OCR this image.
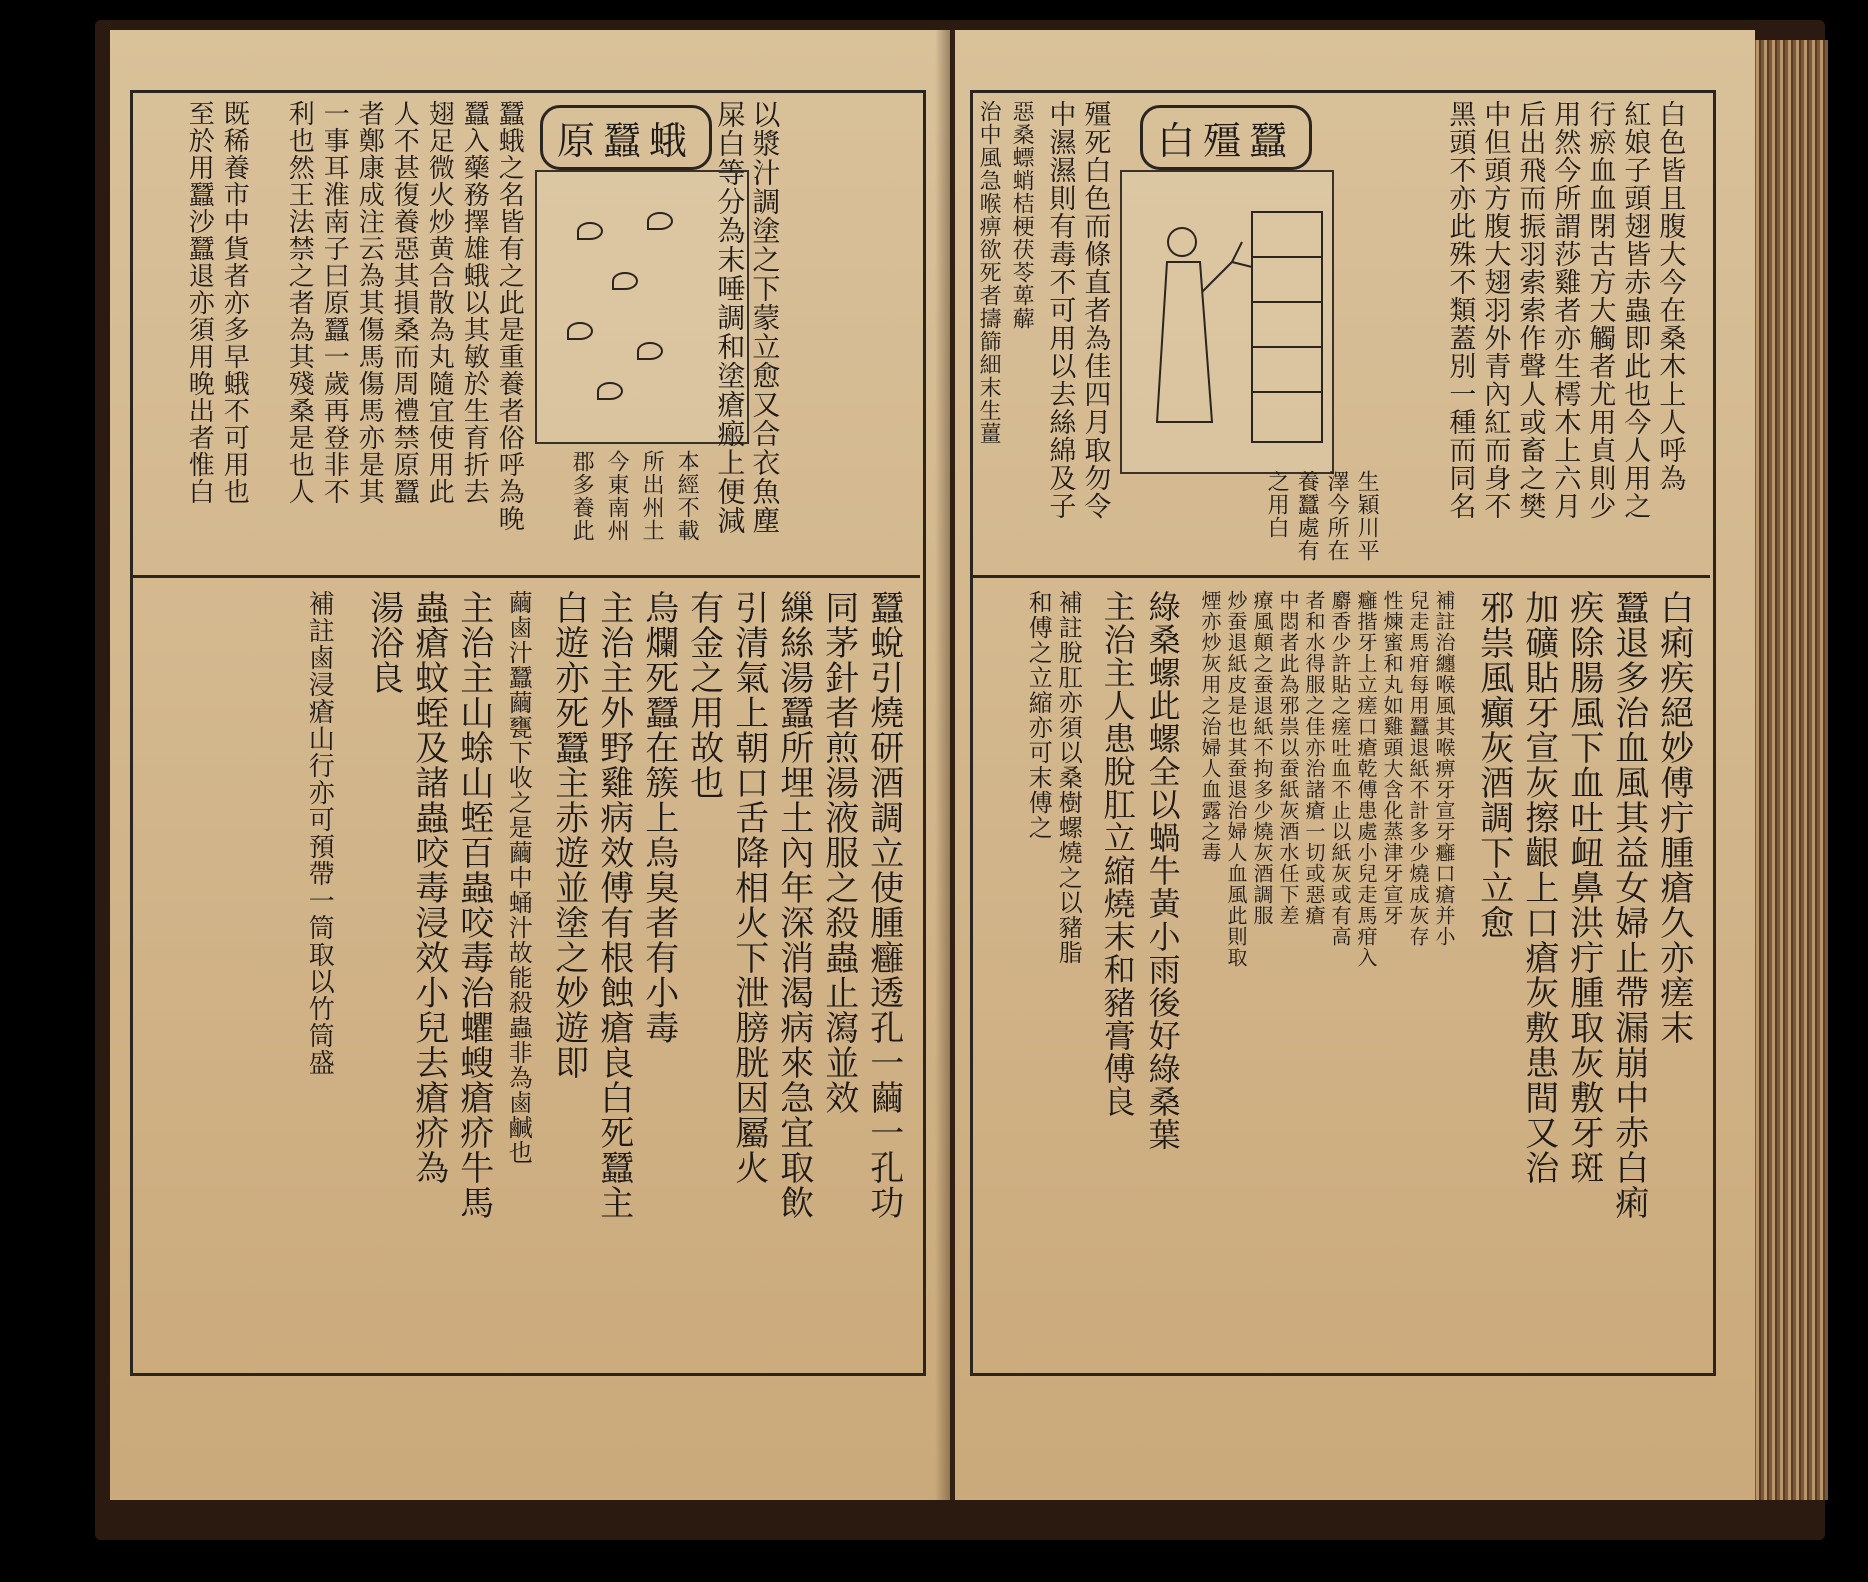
原蠶蛾	以漿汁調塗之下蒙立愈又合衣魚塵
屎白等分為末唾調和塗瘡瘢上便減
蠶蛾之名皆有之此是重養者俗呼為晚
蠶入藥務擇雄蛾以其敏於生育折去
翅足微火炒黄合散為丸隨宜使用此
人不甚復養惡其損桑而周禮禁原蠶
者鄭康成注云為其傷馬傷馬亦是其
一事耳淮南子曰原蠶一歲再登非不
利也然王法禁之者為其殘桑是也人
既稀養市中貨者亦多早蛾不可用也
至於用蠶沙蠶退亦須用晚出者惟白	本經不載
所出州土
今東南州
郡多養此
蠶蛻引燒研酒調立使腫癰透孔一繭一孔功
同茅針者煎湯液服之殺蟲止瀉並效
繅絲湯蠶所埋土內年深消渴病來急宜取飲
引清氣上朝口舌降相火下泄膀胱因屬火
有金之用故也
烏爛死蠶在簇上烏臭者有小毒
主治主外野雞病效傅有根蝕瘡良白死蠶主
白遊亦死蠶主赤遊並塗之妙遊即
繭鹵汁蠶繭甕下收之是繭中蛹汁故能殺蟲非為鹵鹹也
主治主山蜍山蛭百蟲咬毒治蠷螋瘡疥牛馬
蟲瘡蚊蛭及諸蟲咬毒浸效小兒去瘡疥為
湯浴良
補註鹵浸瘡山行亦可預帶一筒取以竹筒盛
白殭蠶	白色皆且腹大今在桑木上人呼為
紅娘子頭翅皆赤蟲即此也今人用之
行瘀血血閉古方大觸者尤用貞則少
用然今所謂莎雞者亦生樗木上六月
后出飛而振羽索索作聲人或畜之樊
中但頭方腹大翅羽外青內紅而身不
黑頭不亦此殊不類蓋別一種而同名
生穎川平
澤今所在
養蠶處有
之用白
殭死白色而條直者為佳四月取勿令
中濕濕則有毒不可用以去絲綿及子
惡桑螵蛸桔梗茯苓萆薢
治中風急喉痹欲死者擣篩細末生薑
白痢疾絕妙傅疔腫瘡久亦瘥末
蠶退多治血風其益女婦止帶漏崩中赤白痢
疾除腸風下血吐衄鼻洪疔腫取灰敷牙斑
加礦貼牙宣灰擦齦上口瘡灰敷患間又治
邪祟風癲灰酒調下立愈
補註治纏喉風其喉痹牙宣牙癰口瘡并小
兒走馬疳每用蠶退紙不計多少燒成灰存
性煉蜜和丸如雞頭大含化蒸津牙宣牙
癰揩牙上立瘥口瘡乾傅患處小兒走馬疳入
麝香少許貼之瘥吐血不止以紙灰或有高
者和水得服之佳亦治諸瘡一切或惡瘡
中悶者此為邪祟以蚕紙灰酒水任下差
療風顛之蚕退紙不拘多少燒灰酒調服
炒蚕退紙皮是也其蚕退治婦人血風此則取
煙亦炒灰用之治婦人血露之毒
綠桑螺此螺全以蝸牛黃小雨後好綠桑葉
主治主人患脫肛立縮燒末和豬膏傅良
補註脫肛亦須以桑樹螺燒之以豬脂
和傅之立縮亦可末傅之
